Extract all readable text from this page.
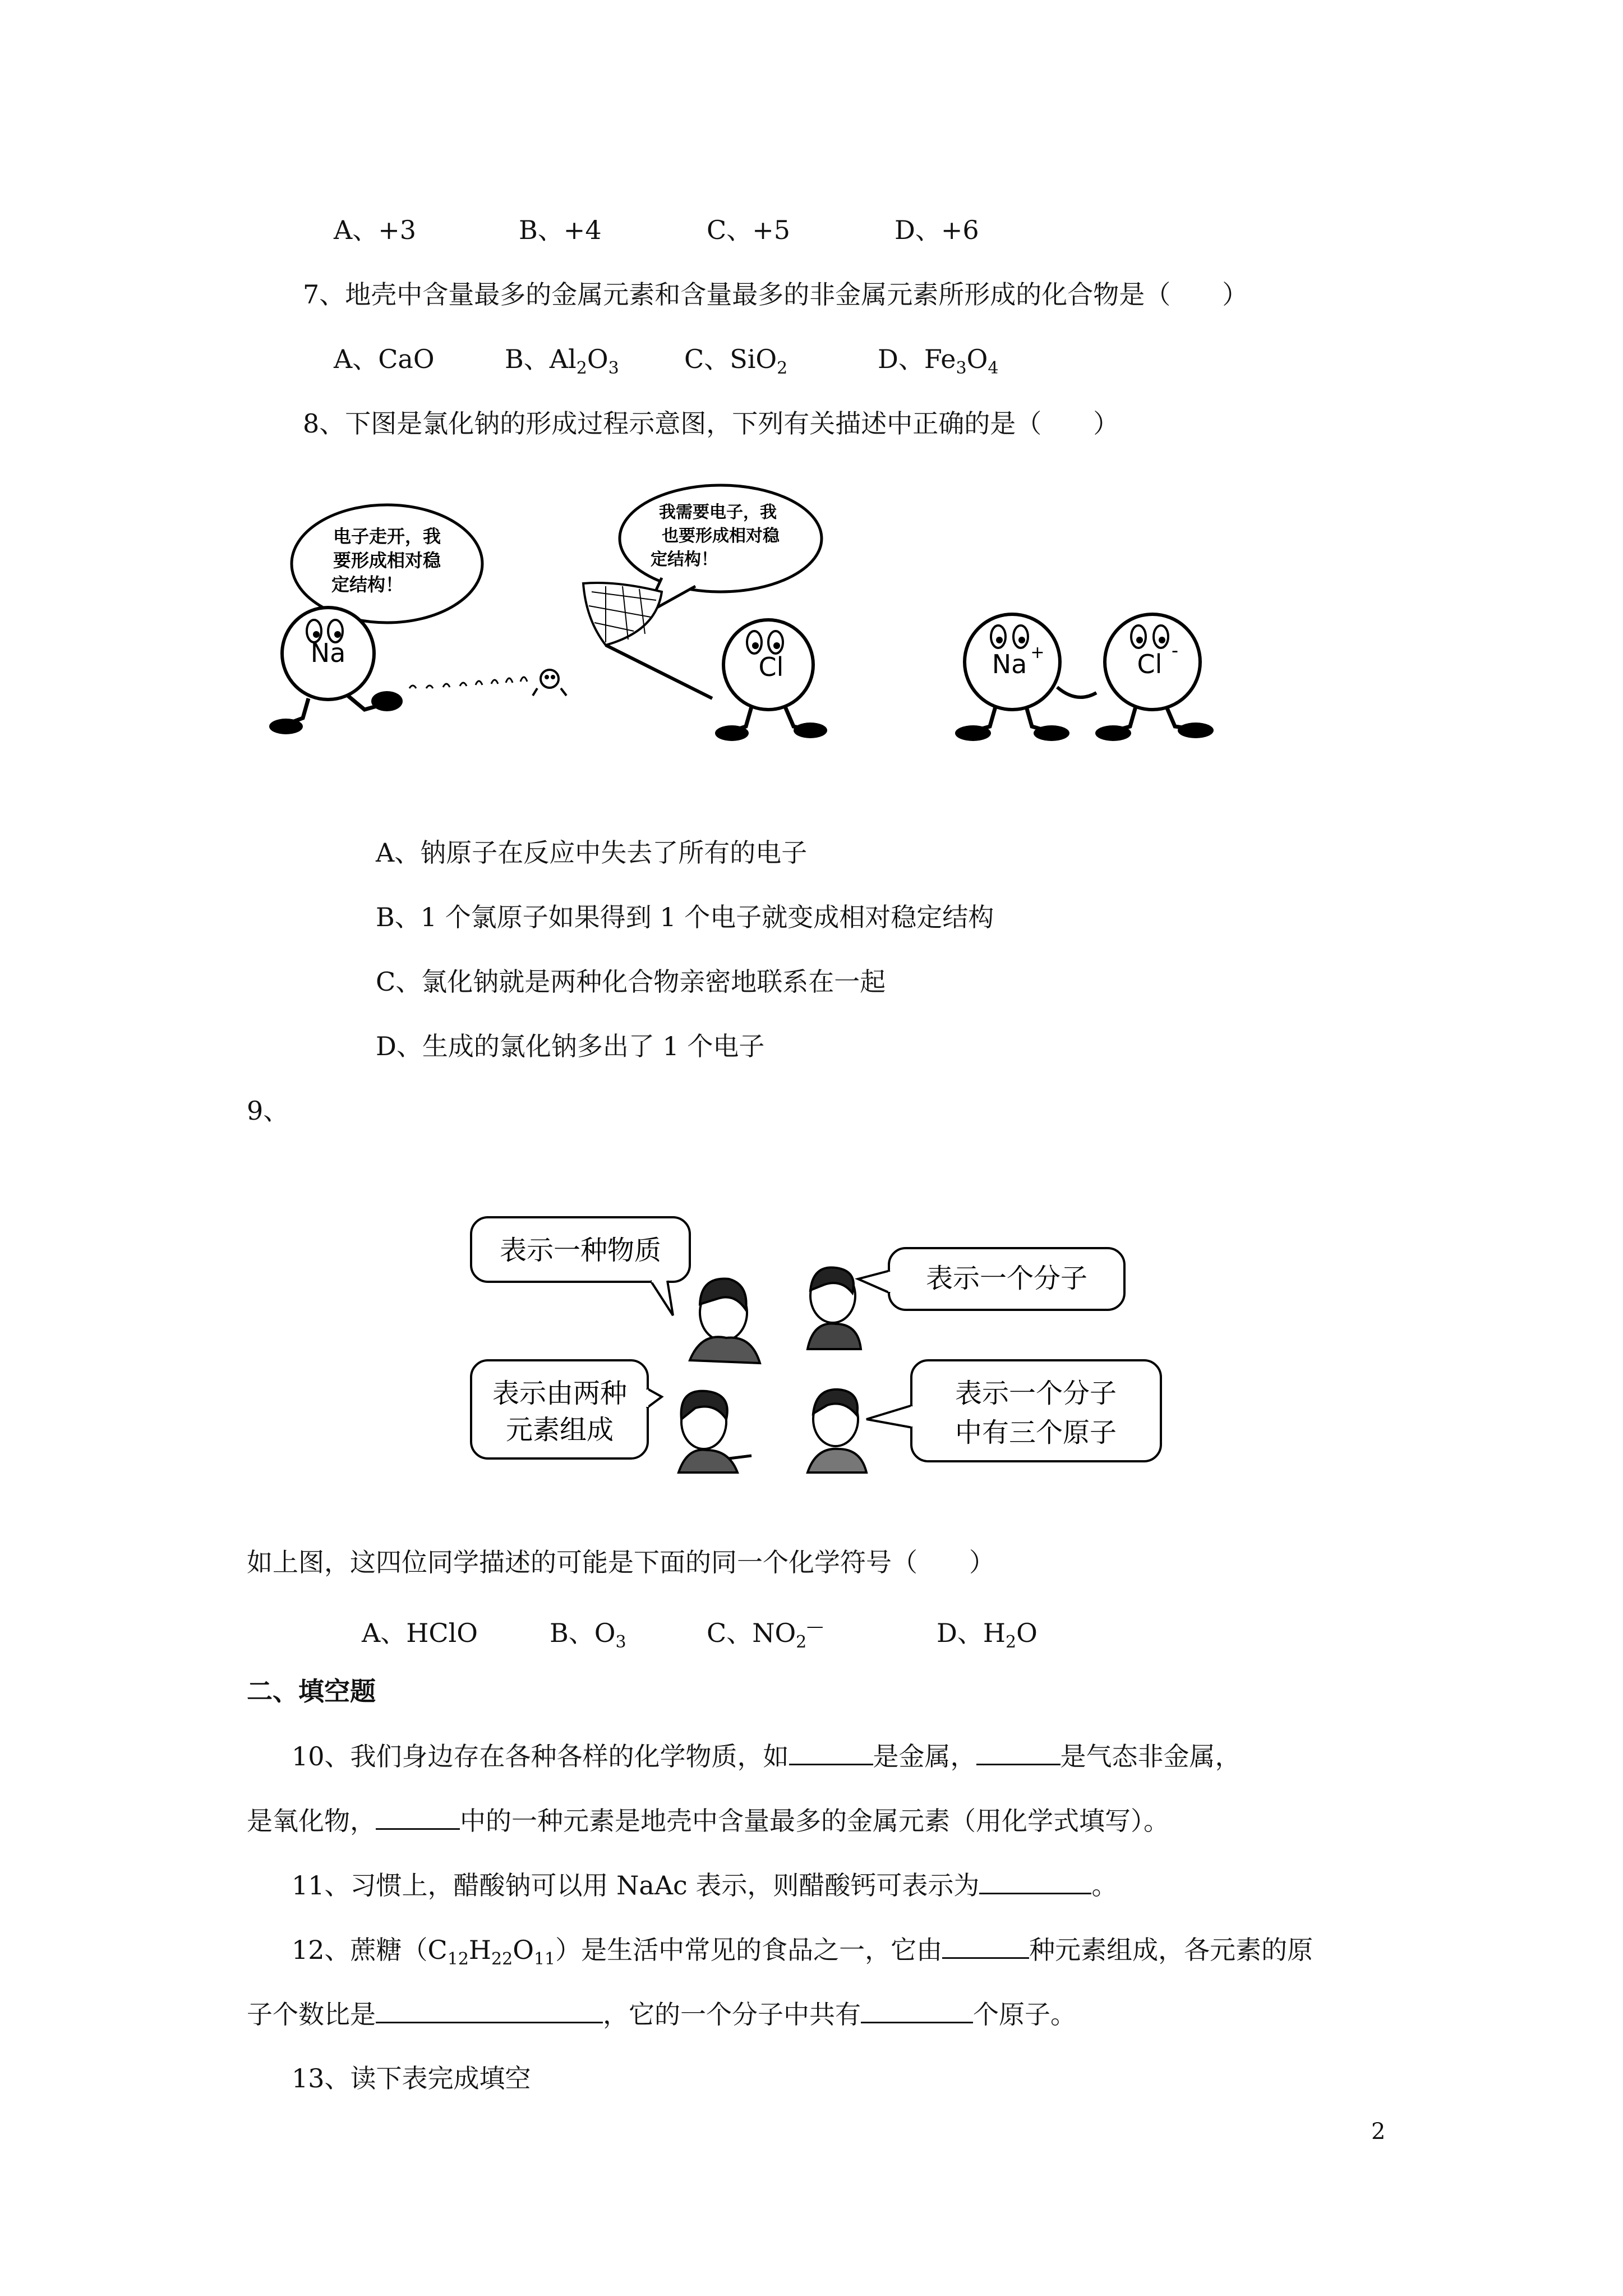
A、+3	B、+4	C、+5	D、+6
7、地壳中含量最多的金属元素和含量最多的非金属元素所形成的化合物是（　　）
A、CaO	B、$Al_2O_3$	C、SiO$_2$	D、$Fe_3O_4$
8、下图是氯化钠的形成过程示意图，下列有关描述中正确的是（　　）
电子走开，我
要形成相对稳
定结构！
Na
我需要电子，我
也要形成相对稳
定结构！
Cl	Na +	Cl -
A、钠原子在反应中失去了所有的电子
B、1 个氯原子如果得到 1 个电子就变成相对稳定结构
C、氯化钠就是两种化合物亲密地联系在一起
D、生成的氯化钠多出了 1 个电子
9、
表示一种物质
表示一个分子
表示由两种
元素组成
表示一个分子
中有三个原子
如上图，这四位同学描述的可能是下面的同一个化学符号（　　）
A、HClO	B、$O_3$	C、$NO_2^—$	D、$H_2O$
二、填空题
10、我们身边存在各种各样的化学物质，如	是金属，	是气态非金属，
是氧化物，	中的一种元素是地壳中含量最多的金属元素（用化学式填写）。
11、习惯上，醋酸钠可以用 NaAc 表示，则醋酸钙可表示为	。
12、蔗糖$(C_{12}H_{22}O_{11})$是生活中常见的食品之一，它由	种元素组成，各元素的原
子个数比是	，它的一个分子中共有	个原子。
13、读下表完成填空
2
